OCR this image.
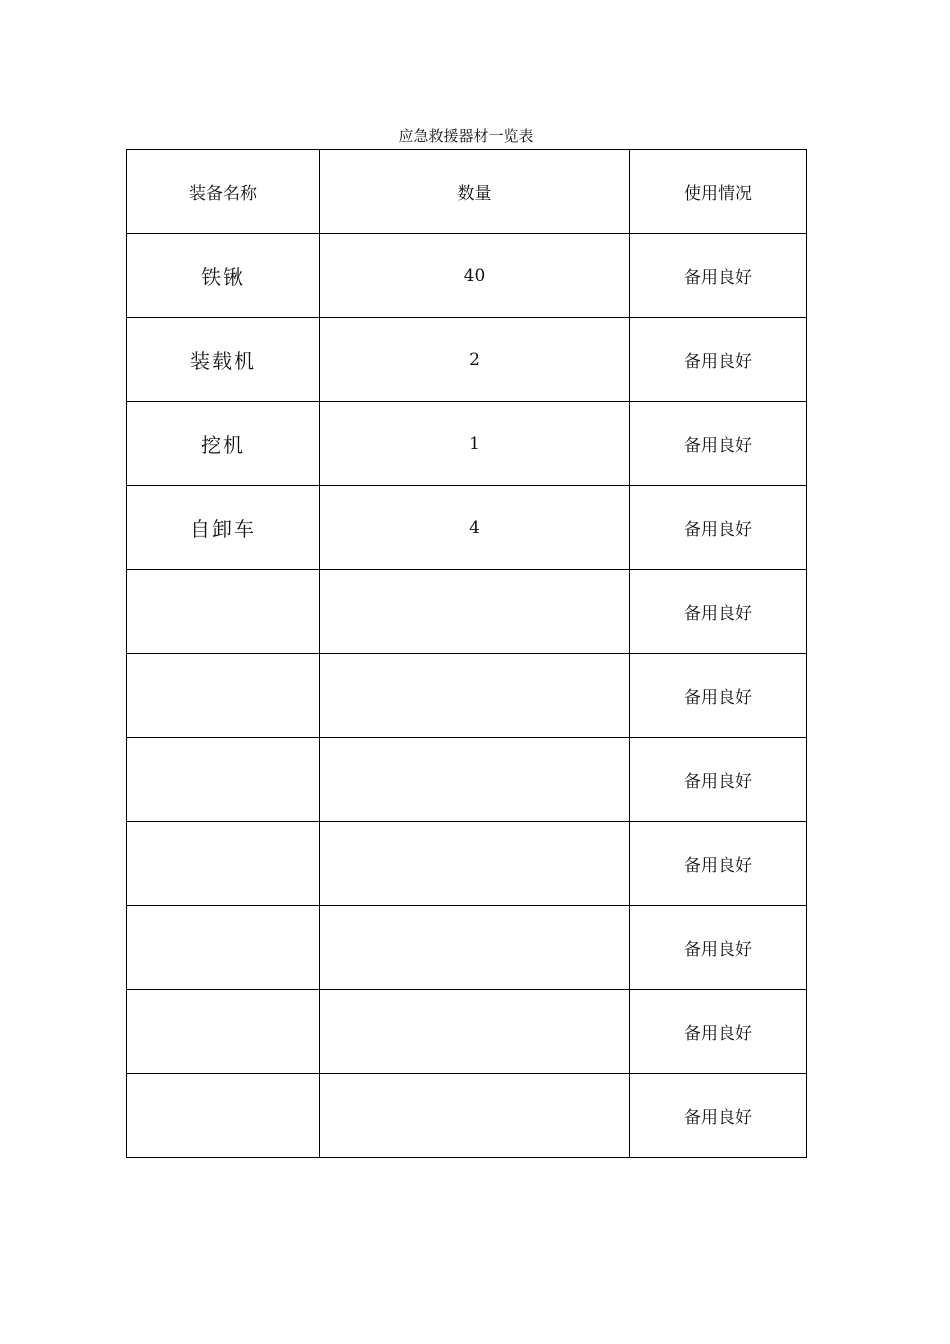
应急救援器材一览表
装备名称	数量	使用情况
铁锹	40	备用良好
装载机	2	备用良好
挖机	1	备用良好
自卸车	4	备用良好
		备用良好
		备用良好
		备用良好
		备用良好
		备用良好
		备用良好
		备用良好
